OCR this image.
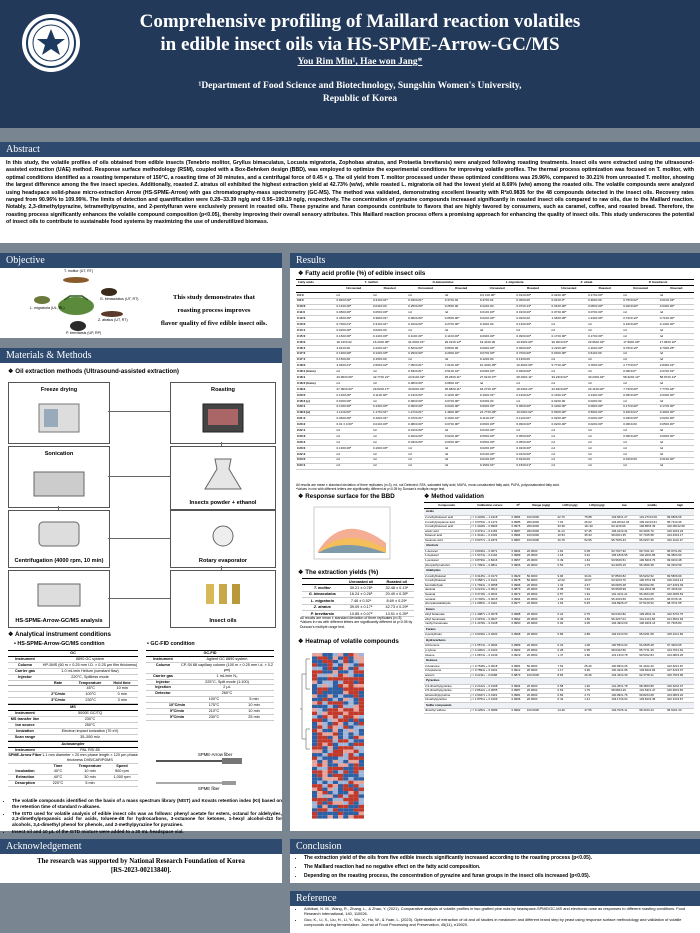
Comprehensive profiling of Maillard reaction volatiles
in edible insect oils via HS-SPME-Arrow-GC/MS
You Rim Min¹, Hae won Jang*
¹Department of Food Science and Biotechnology, Sungshin Women's University,
Republic of Korea
Abstract
In this study, the volatile profiles of oils obtained from edible insects (Tenebrio molitor, Gryllus bimaculatus, Locusta migratoria, Zophobas atratus, and Protaetia brevitarsis) were analyzed following roasting treatments. Insect oils were extracted using the ultrasound-assisted extraction (UAE) method. Response surface methodology (RSM), coupled with a Box-Behnken design (BBD), was employed to optimize the experimental conditions for improving volatile profiles. The thermal process optimization was focused on T. molitor, with optimal conditions identified as a roasting temperature of 150°C, a roasting time of 30 minutes, and a centrifugal force of 0.45 × g. The oil yield from T. molitor processed under these optimized conditions was 29.96%, compared to 30.21% from unroasted T. molitor, showing the largest difference among the five insect species. Additionally, roasted Z. atratus oil exhibited the highest extraction yield at 42.73% (w/w), while roasted L. migratoria oil had the lowest yield at 8.69% (w/w) among the roasted oils. The volatile compounds were analyzed using headspace solid-phase micro-extraction Arrow (HS-SPME-Arrow) with gas chromatography-mass spectrometry (GC-MS). The method was validated, demonstrating excellent linearity with R²≥0.9835 for the 48 compounds detected in the insect oils. Recovery rates ranged from 90.96% to 109.99%. The limits of detection and quantification were 0.28–33.39 ng/g and 0.95–199.19 ng/g, respectively. The concentration of pyrazine compounds increased significantly in roasted insect oils compared to raw oils, due to the Maillard reaction. Notably, 2,3-dimethylpyrazine, tetramethylpyrazine, and 2-pentylfuran were exclusively present in roasted oils. These pyrazine and furan compounds contribute to flavors that are highly favored by consumers, such as caramel, coffee, and roasted bread. Therefore, the roasting process significantly enhances the volatile compound composition (p<0.05), thereby improving their overall sensory attributes. This Maillard reaction process offers a promising approach for enhancing the quality of insect oils. This study underscores the potential of insect oils to contribute to sustainable food systems by maximizing the use of underutilized biomass.
Objective
T. molitor (UT, RT)
G. bimaculatus (UT, RT)
Z. atratus (UT, RT)
L. migratoria (UL, RL)
P. brevitarsis (UP, RP)
This study demonstrates that
roasting process improves
flavor quality of five edible insect oils.
Materials & Methods
❖ Oil extraction methods (Ultrasound-assisted extraction)
Freeze drying	Roasting
Sonication
Insects powder + ethanol
Centrifugation (4000 rpm, 10 min)	Rotary evaporator
HS-SPME-Arrow-GC/MS analysis	Insect oils
❖ Analytical instrument conditions
• HS-SPME-Arrow-GC/MS condition	• GC-FID condition
GC
Instrument	8890 GC system
Column	HP-5MS (60 m × 0.25 mm I.D. × 0.25 μm film thickness)
Carrier gas	1.0 mL/min Helium (constant flow)
Injector	220°C, Splitless mode
Rate	Temperature	Hold time
45°C	10 min
2°C/min	100°C	0 min
3°C/min	230°C	3 min
MS
Instrument	5000E GC/TQ
MS transfer line	230°C
Ion source	250°C
Ionization	Electron impact ionization (70 eV)
Scan range	35–550 m/z
Autosampler
Instrument	PAL RSI 85
SPME-Arrow Fiber 1.1 mm diameter × 20 mm phase length × 120 μm phase thickness DVB/CAR/PDMS
Time	Temperature	Speed
Incubation	40°C	10 min	500 rpm
Extraction	40°C	30 min	1,000 rpm
Desorption	220°C	5 min
GC-FID
Instrument	Agilent GC 8890 system
Column	CP-Sil 88 capillary column (100 m × 0.25 mm i.d. × 0.2 μm)
Carrier gas	1 mL/min N₂
Injector	225°C, Split mode (1:100)
Injection	2 μL
Detector	260°C
100°C	5 min
10°C/min	175°C	10 min
5°C/min	210°C	10 min
5°C/min	230°C	25 min
SPME-Arrow fiber
SPME fiber
• The volatile compounds identified on the basis of a mass spectrum library (NIST) and Kovats retention index (KI) based on the retention time of standard n-alkanes.
• The ISTD used for volatile analysis of edible insect oils was as follows: phenyl acetate for esters, octanal for aldehydes, 2,3-dimethylpropanoic acid for acids, toluene-d8 for hydrocarbons, 3-octanone for ketones, 1-hexyl alcohol-d13 for alcohols, 3,4-dimethyl phenol for phenols, and 2-methylpyrazine for pyrazines.
• Insect oil and 10 μL of the ISTD mixture were added to a 20 mL headspace vial.
Results
❖ Fatty acid profile (%) of edible insect oils
Fatty acids	T. molitor		G.bimaculatus		L.migratoria		Z. atrata		P. brevitarsis	
	Unroasted	Roasted	Unroasted	Roasted	Unroasted	Roasted	Unroasted	Roasted	Unroasted	Roasted
C6:0	nd	nd	nd	nd	0.0 1±0.00ᵃ	0.01±0.00ᵃ	0.02±0.00ᵃ	0.17±0.00ᵃ	nd	nd
C8:0	0.84±0.00ᵃ	0.41±0.01ᵃ	0.33±0.01ᵃ	0.37±0.02	0.37±0.04	0.39±0.05	0.61±0.0ᵃ	0.30±0.00	0.75±0.02ᵃ	0.61±0.03ᵃ
C10:0	0.14±0.00ᵃ	0.04±0.00	0.25±0.00ᵃ	0.25±0.00	0.22±0.00	0.07±0.13ᵃ	0.04±0.00ᵃ	0.05±0.00ᵃ	0.02±0.00ᵃ	0.03±0.00ᵃ
C11:0	0.08±0.00ᵃ	0.05±0.00ᵃ	nd	nd	0.01±0.00ᵃ	0.01±0.00ᵃ	0.07±0.00ᵃ	0.07±0.00ᵃ	nd	nd
C12:0	0.36±0.00ᵃ	0.38±0.01ᵃ	0.06±0.00ᵃ	0.05±0.00ᵃ	0.02±0.00ᵃ	0.02±0.00	1.06±0.00ᵃ	1.24±0.00ᵃ	0.72±0.10ᵃ	0.71±0.00ᵃ
C13:0	0.79±0.01ᵃ	2.31±0.01ᵃ	0.16±0.00ᵃ	0.27±0.00ᵃ	0.16±0.00	0.13±0.00ᵃ	nd	nd	0.22±0.00ᵃ	0.14±0.00ᵃ
C14:1	0.02±0.00ᵃ	0.02±0.00	nd	nd	nd	nd	nd	nd	nd	nd
C15:0	0.16±0.00ᵃ	0.13±0.00ᵃ	0.11±0.00ᵃ	0.11±0.00ᵃ	0.09±0.00ᵃ	0.09±0.00ᵃ	0.17±0.00ᵃ	0.17±0.00ᵃ	nd	nd
C16:0	18.13±0.02	16.23±0.06ᵃ	31.06±0.01ᵃ	29.01±0.12ᵃ	19.44±0.09	19.93±0.09ᵃ	30.30±0.03ᵃ	29.96±0.03ᵃ	17.99±0.09ᵃ	17.08±0.10ᵃ
C16:1	3.61±0.00	2.22±0.01ᵃ	0.52±0.00ᵃ	0.86±0.00	0.09±0.00ᵃ	0.09±0.00ᵃ	2.22±0.00ᵃ	2.10±0.00ᵃ	9.70±0.10ᵃ	9.70±0.25ᵃ
C17:0	0.19±0.00ᵃ	0.13±0.00ᵃ	0.29±0.00ᵃ	0.29±0.01ᵃ	0.07±0.00ᵃ	0.70±0.00ᵃ	0.63±0.00ᵃ	0.61±0.00	nd	nd
C17:1	0.15±0.00	0.15±0.00	nd	nd	0.12±0.00	0.13±0.00	nd	nd	nd	nd
C18:0	3.06±0.01ᵃ	2.56±0.02ᵃ	7.05±0.01ᵃ	7.01±0.04ᵃ	10.40±0.09ᵃ	10.40±0.09ᵃ	5.77±0.02ᵃ	3.78±0.00ᵃ	2.77±0.01ᵃ	2.83±0.01ᵃ
C18:1 (trans)	nd	nd	0.53±0.01ᵃ	0.51±0.01ᵃ	0.03±0.00ᵃ	0.03±0.00ᵃ	nd	nd	0.06±0.0ᵃ	0.07±0.01ᵃ
C18:1	43.96±0.06ᵃ	42.77±0.21ᵃ	24.91±0.02ᵃ	25.26±0.11ᵃ	27.61±0.07ᵃ	28.19±0.11ᵃ	33.23±0.02ᵃ	33.23±0.02ᵃ	58.32±0.12ᵃ	58.97±0.14ᵃ
C18:2 (trans)	nd	nd	0.08±0.00ᵃ	0.08±0.01ᵃ	nd	nd	nd	nd	nd	nd
C18:2	27.09±0.02ᵃ	29.62±0.17ᵃ	33.82±0.04ᵃ	35.98±0.11ᵃ	18.27±0.34ᵃ	18.34±0.23ᵃ	22.92±0.00ᵃ	23.11±0.00ᵃ	7.73±0.00ᵃ	7.77±0.04ᵃ
C20:0	0.13±0.00ᵃ	0.11±0.00ᵃ	0.13±0.00ᵃ	0.12±0.00ᵃ	0.19±0.01ᵃ	0.19±0.02ᵃ	0.13±0.01ᵃ	0.13±0.00ᵃ	0.05±0.00ᵃ	0.03±0.00ᵃ
C18:3 (γ)	0.63±0.00ᵃ	nd	0.06±0.00ᵃ	0.07±0.00ᵃ	0.03±0.00	nd	0.02±0.00	0.02±0.00	nd	nd
C20:1	0.10±0.00ᵃ	0.13±0.00ᵃ	0.06±0.00ᵃ	0.04±0.00ᵃ	0.06±0.03ᵃ	0.06±0.00ᵃ	0.10±0.00ᵃ	0.09±0.00ᵃ	0.17±0.00ᵃ	0.17±0.00ᵃ
C18:3 (α)	1.11±0.00ᵃ	1.17±0.01ᵃ	1.47±0.01ᵃ	1.48±0.00ᵃ	21.77±0.09ᵃ	19.04±0.02ᵃ	0.59±0.00ᵃ	0.59±0.00ᵃ	0.40±0.01ᵃ	0.40±0.00ᵃ
C21:0	0.06±0.00ᵃ	0.10±0.01ᵃ	0.07±0.01ᵃ	0.10±0.01ᵃ	0.11±0.01ᵃ	0.11±0.01ᵃ	0.02±0.00ᵃ	0.02±0.00ᵃ	0.03±0.00ᵃ	0.02±0.00ᵃ
C20:2	0.01 ± 0.00ᵃ	0.01±0.00ᵃ	0.08±0.00ᵃ	0.07±0.00ᵃ	0.06±0.00ᵃ	0.09±0.00ᵃ	0.02±0.00ᵃ	0.02±0.00ᵃ	0.06±0.00	0.05±0.00ᵃ
C22:1	nd	nd	0.01±0.00ᵃ	nd	0.01±0.00ᵃ	nd	nd	nd	nd	nd
C20:3	nd	nd	0.02±0.00ᵃ	0.02±0.00ᵃ	0.05±0.00ᵃ	0.05±0.00ᵃ	nd	nd	0.06±0.00ᵃ	0.06±0.00ᵃ
C20:4	nd	nd	0.03±0.00ᵃ	0.03±0.00ᵃ	0.05±0.00ᵃ	0.05±0.00ᵃ	nd	nd	nd	nd
C23:0	0.19±0.00ᵃ	0.16±0.00ᵃ	nd	nd	0.02±0.00ᵃ	0.02±0.00ᵃ	nd	nd	nd	nd
C22:2	nd	nd	nd	nd	0.01±0.00ᵃ	0.01±0.00ᵃ	nd	nd	nd	nd
C24:0	nd	nd	nd	nd	0.01±0.00ᵃ	0.01±0.00	nd	nd	0.01±0.00	0.01±0.00ᵃ
C24:1	nd	nd	nd	nd	0.15±0.01ᵃ	0.15±0.01ᵃ	nd	nd	nd	nd
All results are mean ± standard deviation of three replicates (n=3). nd, not Detected; SFA, saturated fatty acid; MUFA, mono-unsaturated fatty acid; PUFA, polyunsaturated fatty acid.
ᵃValues in row with different letters are significantly different at p<0.05 by Duncan's multiple range test.
❖ Response surface for the BBD
❖ The extraction yields (%)
	Unroasted oil	Roasted oil
T. molitor	30.21 ± 0.78ᵃ	32.48 ± 0.13ᵃ
G. bimaculatus	16.24 ± 0.26ᵇ	20.49 ± 0.39ᵇ
L. migratoria	7.46 ± 0.52ᵉ	8.69 ± 0.29ᵉ
Z. atratus	39.09 ± 0.17ᵃ	42.73 ± 0.29ᵃ
P. brevitarsis	10.85 ± 0.07ᵈ	13.51 ± 0.25ᵈ
All results are mean ± standard deviation of three replicates (n=3).
ᵃValues in row with different letters are significantly different at p<0.05 by Duncan's multiple range test.
❖ Heatmap of volatile compounds
❖ Method validation
Compounds	Calibration curves	R²	Range (ng/g)	LOD (ng/g)	LOQ (ng/g)	low	middle	high
Acids								
2-methylbutanoic acid	y = 4.4328x − 1.1918	0.9984	100.0000	22.76	75.88	102.56±1.27	101.27±13.09	99.68±6.66
2-methylpropanoic acid	y = 0.5793x − 0.1472	0.9985	200.0000	7.91	26.02	104.20±12.33	109.01±13.61	95.71±3.36
3-methylbutanoic acid	y = 1.3428x − 0.9906	0.9976	200.0000	33.39	111.30	93.11±6.66	106.86±5.39	100.09±12.08
acetic acid	y = 0.4731x − 0.1153	0.9987	200.0000	11.24	37.45	106.01±2.31	93.30±6.70	100.32±3.23
butanoic acid	y = 1.3411x − 0.1303	0.9984	100.0000	10.54	35.33	99.60±1.35	97.73±5.58	104.43±4.17
hexanoic acid	y = 0.5377x − 0.1874	0.9987	100.0000	16.79	52.95	95.76±5.43	96.02±7.30	102.11±2.37
Alcohols								
1-decanol	y = 0.8436x − 0.3071	0.9904	20.0000	1.81	6.05	93.70±7.92	90.74±1.33	96.97±1.82
1-heptanol	y = 1.5474x − 0.1104	0.9989	20.0000	1.18	3.91	106.18±6.95	102.20±0.86	99.38±4.90
1-pentanol	y = 0.8799x − 0.8216	0.9957	20.0000	0.49	1.64	93.96±6.51	100.84±4.73	99.93±3.48
phenylethyl alcohol	y = 1.7094x − 0.0811	0.9906	20.0000	0.54	1.79	94.40±5.15	96.18±6.38	92.33±3.59
Aldehydes								
2-methylbutanal	y = 0.3145x − 0.0173	0.9929	50.0000	9.96	33.21	97.85±0.82	96.52±2.52	99.58±6.99
3-methylbutanal	y = 0.3587x + 0.0121	0.9978	50.0000	12.02	40.07	93.32±3.76	100.97±1.53	106.01±4.14
benzaldehyde	y = 1.7934x − 0.0058	0.9996	20.0000	1.34	4.47	99.09±5.28	98.00±2.68	107.43±3.49
decanal	y = 0.2213x + 0.0012	0.9879	20.0000	2.38	7.94	96.55±8.99	101.26±2.95	97.43±6.09
hexanal	y = 0.4718x − 0.0031	0.9973	20.0000	0.57	1.91	101.41±1.21	96.49±4.08	100.00±5.63
nonanal	y = 0.7025x − 0.0015	0.9964	20.0000	1.33	4.43	95.43±3.69	96.26±3.05	96.97±6.16
phenylacetaldehyde	y = 1.0953x − 0.0110	0.9977	20.0000	1.63	5.45	104.89±6.27	97.51±6.52	98.37±1.55
Esters								
ethyl butanoate	y = 1.4987x + 0.0078	0.9988	20.0000	0.22	0.75	99.04±2.82	109.25±4.31	102.57±2.75
ethyl hexanoate	y = 2.3154x − 0.0027	0.9992	20.0000	0.45	1.50	96.42±7.01	101.11±1.66	101.65±2.94
methyl hexanoate	y = 1.4478x − 0.0128	0.9950	20.0000	0.92	3.05	104.49±3.60	100.94±3.14	97.76±5.84
Furans								
2-pentylfuran	y = 0.9436x + 0.0202	0.9968	20.0000	0.86	2.89	104.61±3.53	95.63±1.58	105.31±1.82
Hydrocarbons								
d-limonene	y = 1.5574x − 0.0094	0.9989	20.0000	0.32	1.06	100.55±4.04	94.05±5.28	97.39±3.65
p-xylene	y = 4.4302x − 0.0103	0.9993	20.0000	0.28	0.95	98.64±2.56	95.77±1.39	104.76±1.91
toluene	y = 1.6874x − 0.0149	0.9919	20.0000	1.47	4.90	101.13±3.78	99.53±2.84	104.08±3.25
Ketones								
2-butanone	y = 0.7648x + 0.0018	0.9981	50.0000	7.62	25.40	100.99±4.26	91.44±2.40	102.62±1.87
2-heptanone	y = 0.7894x + 0.0101	0.9912	20.0000	1.17	3.90	100.42±1.95	103.84±4.82	107.42±3.07
acetoin	y = 0.2211x − 0.0068	0.9873	100.0000	8.84	29.46	104.43±4.39	92.37±8.41	106.79±3.96
Pyrazines								
2,3-dimethylpyrazine	y = 2.2412x − 0.0168	0.9994	20.0000	0.58	1.92	101.35±1.78	98.48±3.89	100.62±2.07
2,5-dimethylpyrazine	y = 2.8612x + 0.0055	0.9987	20.0000	0.52	1.75	98.68±4.29	101.53±1.47	100.90±3.60
tetramethylpyrazine	y = 2.9047x + 0.0119	0.9981	20.0000	0.82	2.73	100.99±1.76	99.82±4.68	104.08±3.22
trimethylpyrazine	y = 1.8751x + 0.0109	0.9996	20.0000	0.42	1.41	103.17±6.02	103.81±3.35	102.31±3.67
Sulfur compounds								
dimethyl sulfone	y = 0.1252x − 0.0089	0.9992	100.0000	14.26	47.55	104.70±6.11	98.34±3.44	96.60±1.30
Conclusion
• The extraction yield of the oils from five edible insects significantly increased according to the roasting process (p<0.05).
• The Maillard reaction had no negative effect on the fatty acid composition.
• Depending on the roasting process, the concentration of pyrazine and furan groups in the insect oils increased (p<0.05).
Acknowledgement
The research was supported by National Research Foundation of Korea
[RS-2023-00213840].
Reference
• Adhikari, N. M., Wang, R., Zhang, L., & Zhao, Y. (2021). Comparative analysis of volatile profiles in two grafted pine nuts by headspace-SPME/GC-MS and electronic nose as responses to different roasting conditions. Food Research International, 140, 110026.
• Guo, K., Li, X., Liu, H., Li, Y., Wu, X., Hu, W., & Yuan, L. (2023). Optimization of extraction of oil and oil studies in mealworm and different brand step by yeast using response surface methodology and validation of volatile compounds during fermentation. Journal of Food Processing and Preservation, 45(11), e15920.
